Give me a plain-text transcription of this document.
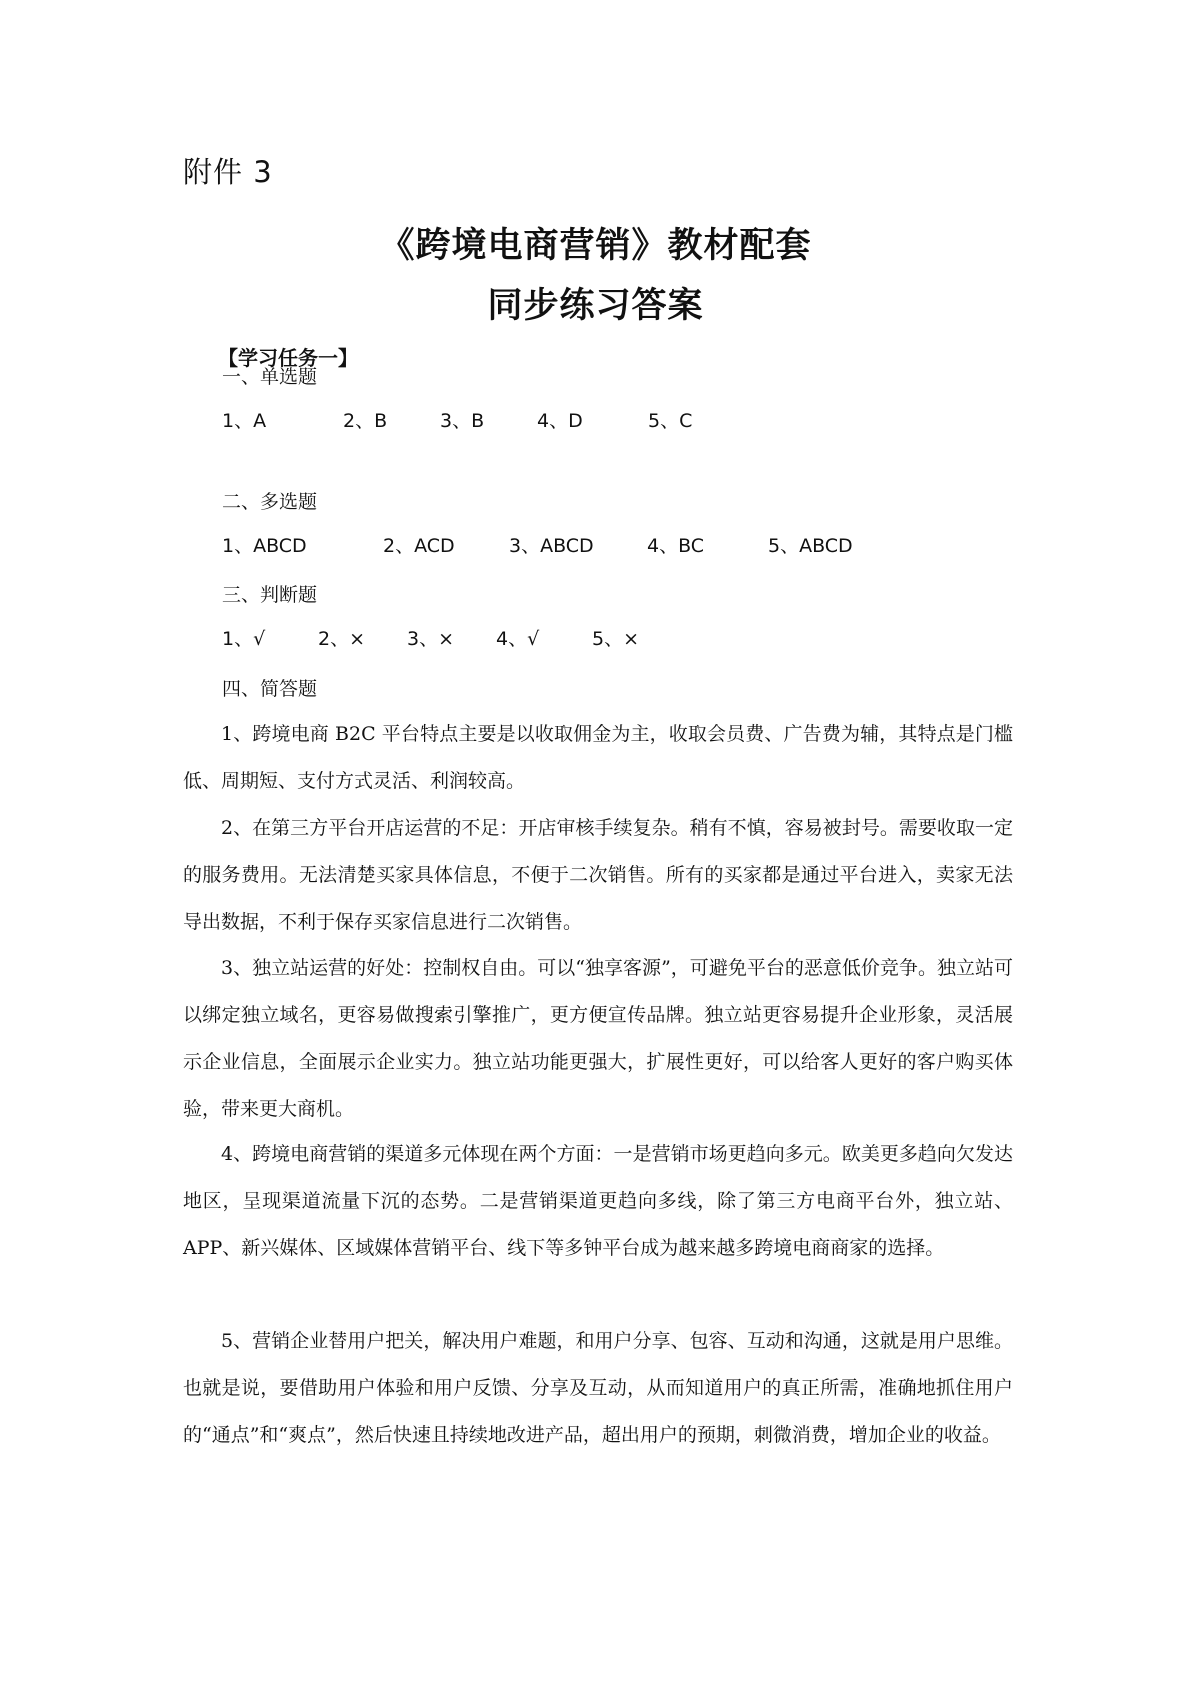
附件 3

《跨境电商营销》教材配套
同步练习答案

【学习任务一】

一、单选题

1、A	2、B	3、B	4、D	5、C

二、多选题

1、ABCD	2、ACD	3、ABCD	4、BC	5、ABCD

三、判断题

1、√	2、× 3、× 4、√	5、×

四、简答题

1、跨境电商 B2C 平台特点主要是以收取佣金为主，收取会员费、广告费为辅，其特点是门槛低、周期短、支付方式灵活、利润较高。

2、在第三方平台开店运营的不足：开店审核手续复杂。稍有不慎，容易被封号。需要收取一定的服务费用。无法清楚买家具体信息，不便于二次销售。所有的买家都是通过平台进入，卖家无法导出数据，不利于保存买家信息进行二次销售。

3、独立站运营的好处：控制权自由。可以“独享客源”，可避免平台的恶意低价竞争。独立站可以绑定独立域名，更容易做搜索引擎推广，更方便宣传品牌。独立站更容易提升企业形象，灵活展示企业信息，全面展示企业实力。独立站功能更强大，扩展性更好，可以给客人更好的客户购买体验，带来更大商机。

4、跨境电商营销的渠道多元体现在两个方面：一是营销市场更趋向多元。欧美更多趋向欠发达地区，呈现渠道流量下沉的态势。二是营销渠道更趋向多线，除了第三方电商平台外，独立站、APP、新兴媒体、区域媒体营销平台、线下等多钟平台成为越来越多跨境电商商家的选择。

5、营销企业替用户把关，解决用户难题，和用户分享、包容、互动和沟通，这就是用户思维。也就是说，要借助用户体验和用户反馈、分享及互动，从而知道用户的真正所需，准确地抓住用户的“通点”和“爽点”，然后快速且持续地改进产品，超出用户的预期，刺微消费，增加企业的收益。
